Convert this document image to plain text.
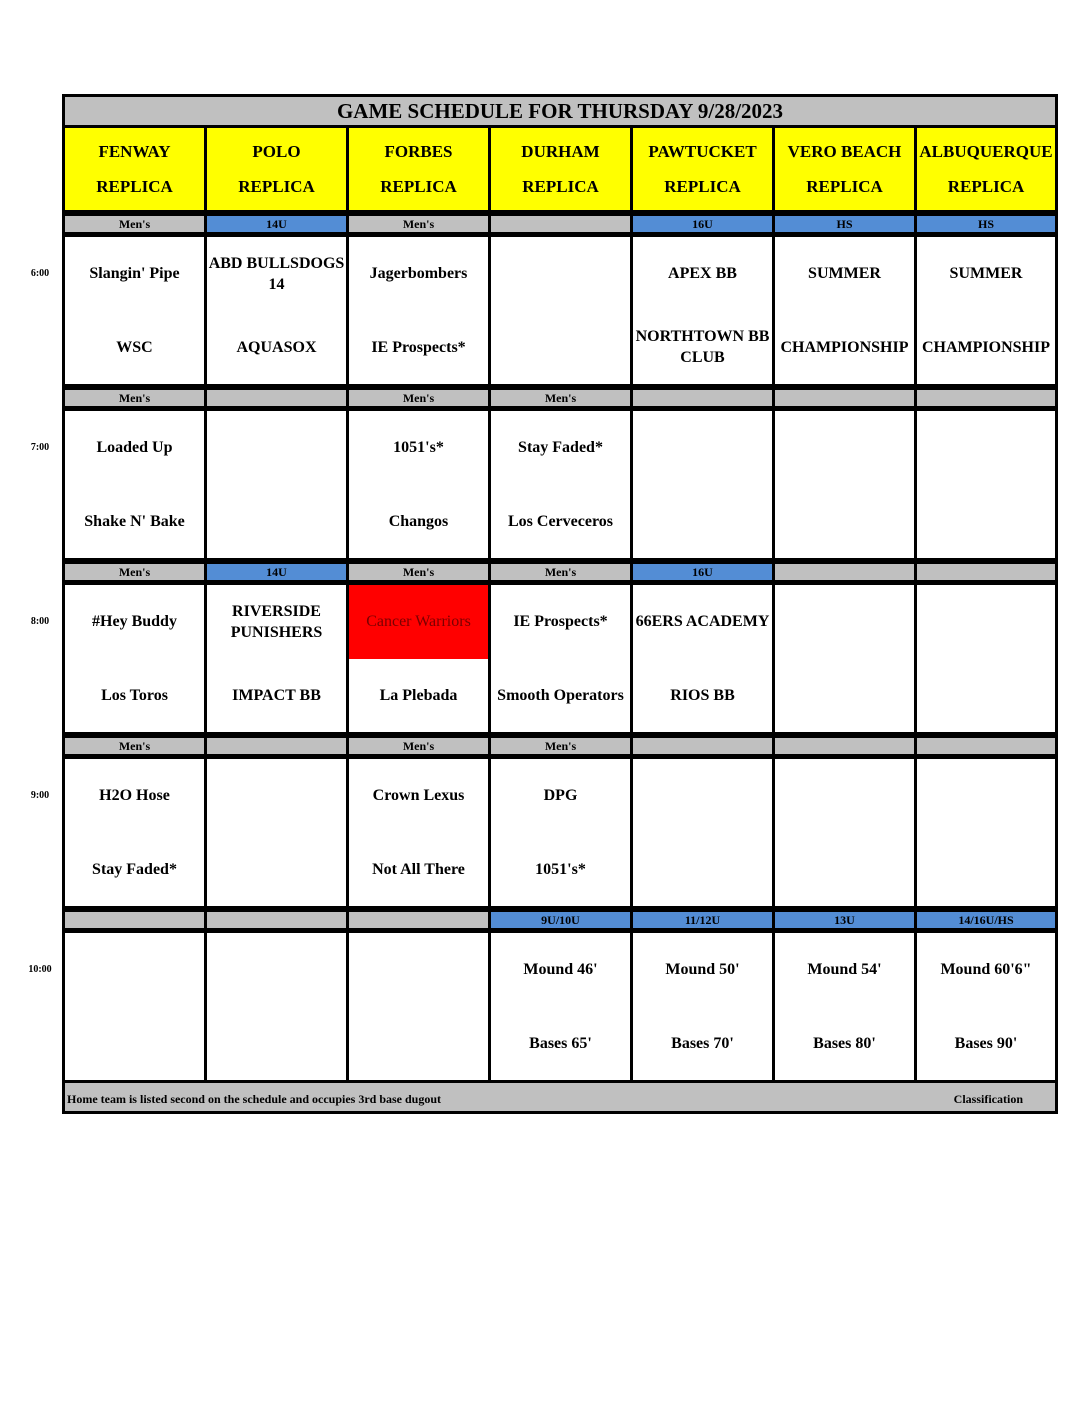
GAME SCHEDULE FOR THURSDAY 9/28/2023
FENWAY
REPLICA
POLO
REPLICA
FORBES
REPLICA
DURHAM
REPLICA
PAWTUCKET
REPLICA
VERO BEACH
REPLICA
ALBUQUERQUE
REPLICA
Men's
Slangin' Pipe
WSC
14U
ABD BULLSDOGS 14
AQUASOX
Men's
Jagerbombers
IE Prospects*
16U
APEX BB
NORTHTOWN BB CLUB
HS
SUMMER
CHAMPIONSHIP
HS
SUMMER
CHAMPIONSHIP
Men's
Loaded Up
Shake N' Bake
Men's
1051's*
Changos
Men's
Stay Faded*
Los Cerveceros
Men's
#Hey Buddy
Los Toros
14U
RIVERSIDE PUNISHERS
IMPACT BB
Men's
Cancer Warriors
La Plebada
Men's
IE Prospects*
Smooth Operators
16U
66ERS ACADEMY
RIOS BB
Men's
H2O Hose
Stay Faded*
Men's
Crown Lexus
Not All There
Men's
DPG
1051's*
9U/10U
Mound 46'
Bases 65'
11/12U
Mound 50'
Bases 70'
13U
Mound 54'
Bases 80'
14/16U/HS
Mound 60'6"
Bases 90'
Home team is listed second on the schedule and occupies 3rd base dugout	Classification
6:00
7:00
8:00
9:00
10:00
